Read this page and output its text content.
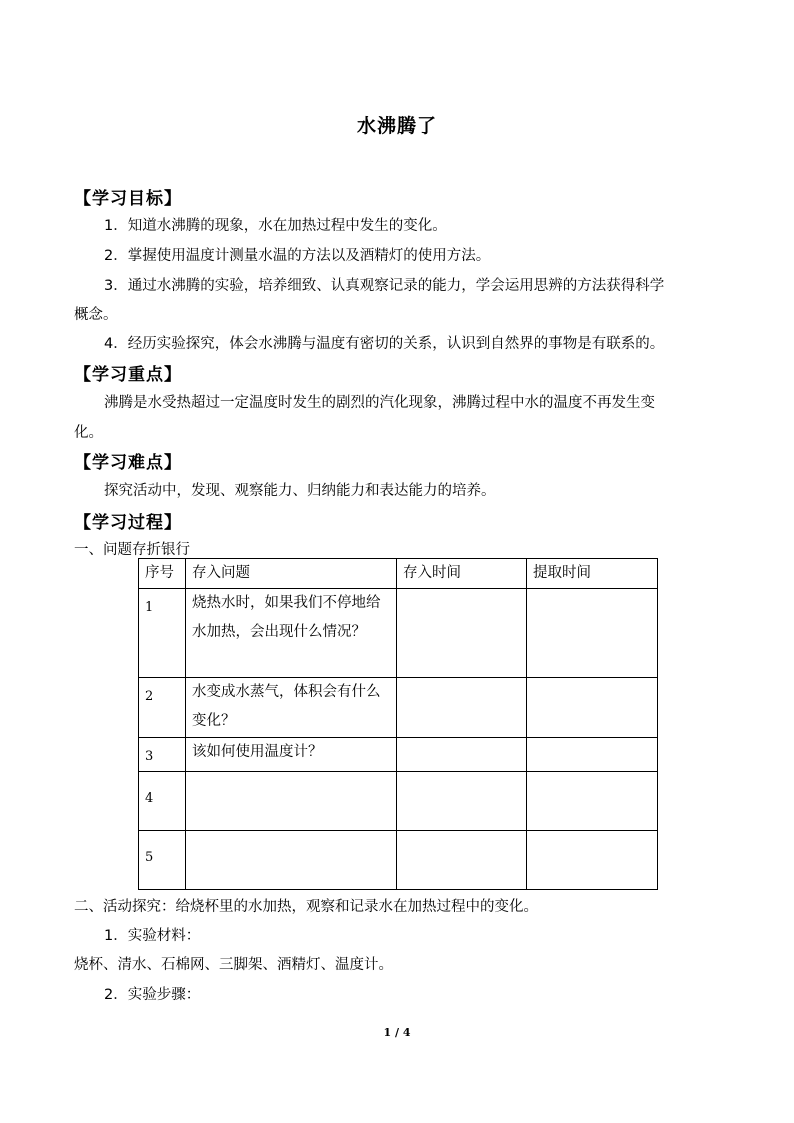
水沸腾了
【学习目标】
1．知道水沸腾的现象，水在加热过程中发生的变化。
2．掌握使用温度计测量水温的方法以及酒精灯的使用方法。
3．通过水沸腾的实验，培养细致、认真观察记录的能力，学会运用思辨的方法获得科学
概念。
4．经历实验探究，体会水沸腾与温度有密切的关系，认识到自然界的事物是有联系的。
【学习重点】
沸腾是水受热超过一定温度时发生的剧烈的汽化现象，沸腾过程中水的温度不再发生变
化。
【学习难点】
探究活动中，发现、观察能力、归纳能力和表达能力的培养。
【学习过程】
一、问题存折银行
序号	存入问题	存入时间	提取时间
1	烧热水时，如果我们不停地给水加热，会出现什么情况？		
2	水变成水蒸气，体积会有什么变化？		
3	该如何使用温度计？		
4			
5			
二、活动探究：给烧杯里的水加热，观察和记录水在加热过程中的变化。
1．实验材料：
烧杯、清水、石棉网、三脚架、酒精灯、温度计。
2．实验步骤：
1 / 4
